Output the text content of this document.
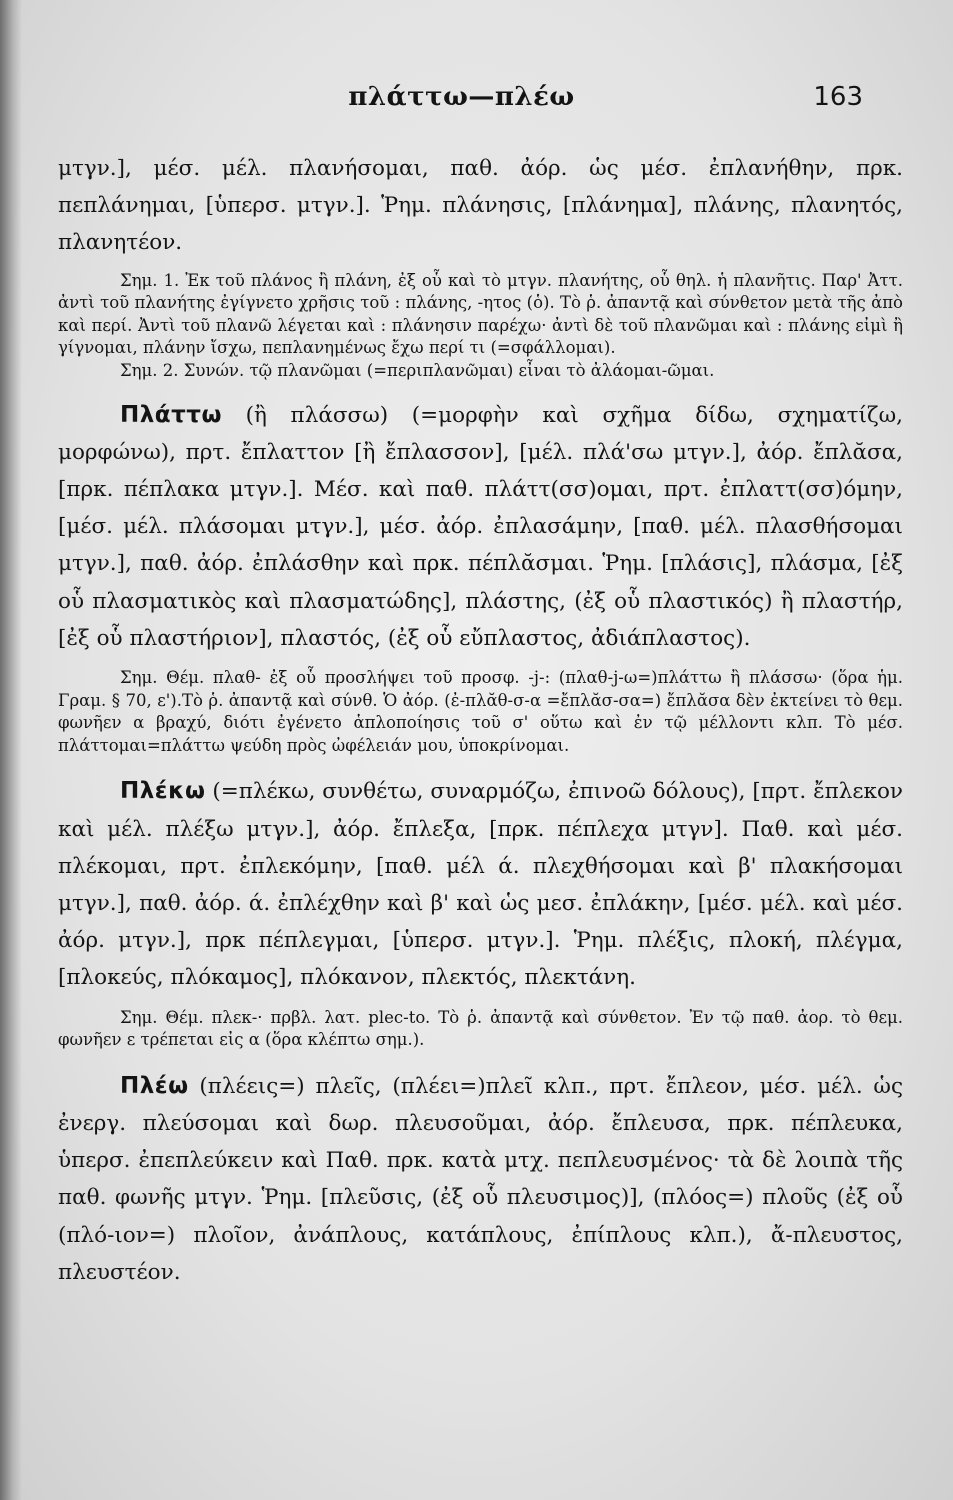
πλάττω—πλέω	163

μτγν.], μέσ. μέλ. πλανήσομαι, παθ. ἀόρ. ὡς μέσ. ἐπλανήθην, πρκ. πεπλάνημαι, [ὑπερσ. μτγν.]. Ῥημ. πλάνησις, [πλάνημα], πλάνης, πλανητός, πλανητέον.

Σημ. 1. Ἐκ τοῦ πλάνος ἢ πλάνη, ἐξ οὗ καὶ τὸ μτγν. πλανήτης, οὗ θηλ. ἡ πλανῆτις. Παρ' Ἀττ. ἀντὶ τοῦ πλανήτης ἐγίγνετο χρῆσις τοῦ : πλάνης, -ητος (ὁ). Τὸ ῥ. ἀπαντᾷ καὶ σύνθετον μετὰ τῆς ἀπὸ καὶ περί. Ἀντὶ τοῦ πλανῶ λέγεται καὶ : πλάνησιν παρέχω· ἀντὶ δὲ τοῦ πλανῶμαι καὶ : πλάνης εἰμὶ ἢ γίγνομαι, πλάνην ἴσχω, πεπλανημένως ἔχω περί τι (=σφάλλομαι).

Σημ. 2. Συνών. τῷ πλανῶμαι (=περιπλανῶμαι) εἶναι τὸ ἀλάομαι-ῶμαι.

Πλάττω (ἢ πλάσσω) (=μορφὴν καὶ σχῆμα δίδω, σχηματίζω, μορφώνω), πρτ. ἔπλαττον [ἢ ἔπλασσον], [μέλ. πλά'σω μτγν.], ἀόρ. ἔπλᾰσα, [πρκ. πέπλακα μτγν.]. Μέσ. καὶ παθ. πλάττ(σσ)ομαι, πρτ. ἐπλαττ(σσ)όμην, [μέσ. μέλ. πλάσομαι μτγν.], μέσ. ἀόρ. ἐπλασάμην, [παθ. μέλ. πλασθήσομαι μτγν.], παθ. ἀόρ. ἐπλάσθην καὶ πρκ. πέπλᾰσμαι. Ῥημ. [πλάσις], πλάσμα, [ἐξ οὗ πλασματικὸς καὶ πλασματώδης], πλάστης, (ἐξ οὗ πλαστικός) ἢ πλαστήρ, [ἐξ οὗ πλαστήριον], πλαστός, (ἐξ οὗ εὔπλαστος, ἀδιάπλαστος).

Σημ. Θέμ. πλαθ- ἐξ οὗ προσλήψει τοῦ προσφ. -j-: (πλαθ-j-ω=)πλάττω ἢ πλάσσω· (ὅρα ἡμ. Γραμ. § 70, ε').Τὸ ῥ. ἀπαντᾷ καὶ σύνθ. Ὁ ἀόρ. (ἐ-πλᾰθ-σ-α =ἔπλᾰσ-σα=) ἔπλᾰσα δὲν ἐκτείνει τὸ θεμ. φωνῆεν α βραχύ, διότι ἐγένετο ἁπλοποίησις τοῦ σ' οὕτω καὶ ἐν τῷ μέλλοντι κλπ. Τὸ μέσ. πλάττομαι=πλάττω ψεύδη πρὸς ὠφέλειάν μου, ὑποκρίνομαι.

Πλέκω (=πλέκω, συνθέτω, συναρμόζω, ἐπινοῶ δόλους), [πρτ. ἔπλεκον καὶ μέλ. πλέξω μτγν.], ἀόρ. ἔπλεξα, [πρκ. πέπλεχα μτγν]. Παθ. καὶ μέσ. πλέκομαι, πρτ. ἐπλεκόμην, [παθ. μέλ ά. πλεχθήσομαι καὶ β' πλακήσομαι μτγν.], παθ. ἀόρ. ά. ἐπλέχθην καὶ β' καὶ ὡς μεσ. ἐπλάκην, [μέσ. μέλ. καὶ μέσ. ἀόρ. μτγν.], πρκ πέπλεγμαι, [ὑπερσ. μτγν.]. Ῥημ. πλέξις, πλοκή, πλέγμα, [πλοκεύς, πλόκαμος], πλόκανον, πλεκτός, πλεκτάνη.

Σημ. Θέμ. πλεκ-· πρβλ. λατ. plec-to. Τὸ ῥ. ἀπαντᾷ καὶ σύνθετον. Ἐν τῷ παθ. ἀορ. τὸ θεμ. φωνῆεν ε τρέπεται εἰς α (ὅρα κλέπτω σημ.).

Πλέω (πλέεις=) πλεῖς, (πλέει=)πλεῖ κλπ., πρτ. ἔπλεον, μέσ. μέλ. ὡς ἐνεργ. πλεύσομαι καὶ δωρ. πλευσοῦμαι, ἀόρ. ἔπλευσα, πρκ. πέπλευκα, ὑπερσ. ἐπεπλεύκειν καὶ Παθ. πρκ. κατὰ μτχ. πεπλευσμένος· τὰ δὲ λοιπὰ τῆς παθ. φωνῆς μτγν. Ῥημ. [πλεῦσις, (ἐξ οὗ πλευσιμος)], (πλόος=) πλοῦς (ἐξ οὗ (πλό-ιον=) πλοῖον, ἀνάπλους, κατάπλους, ἐπίπλους κλπ.), ἄ-πλευστος, πλευστέον.
